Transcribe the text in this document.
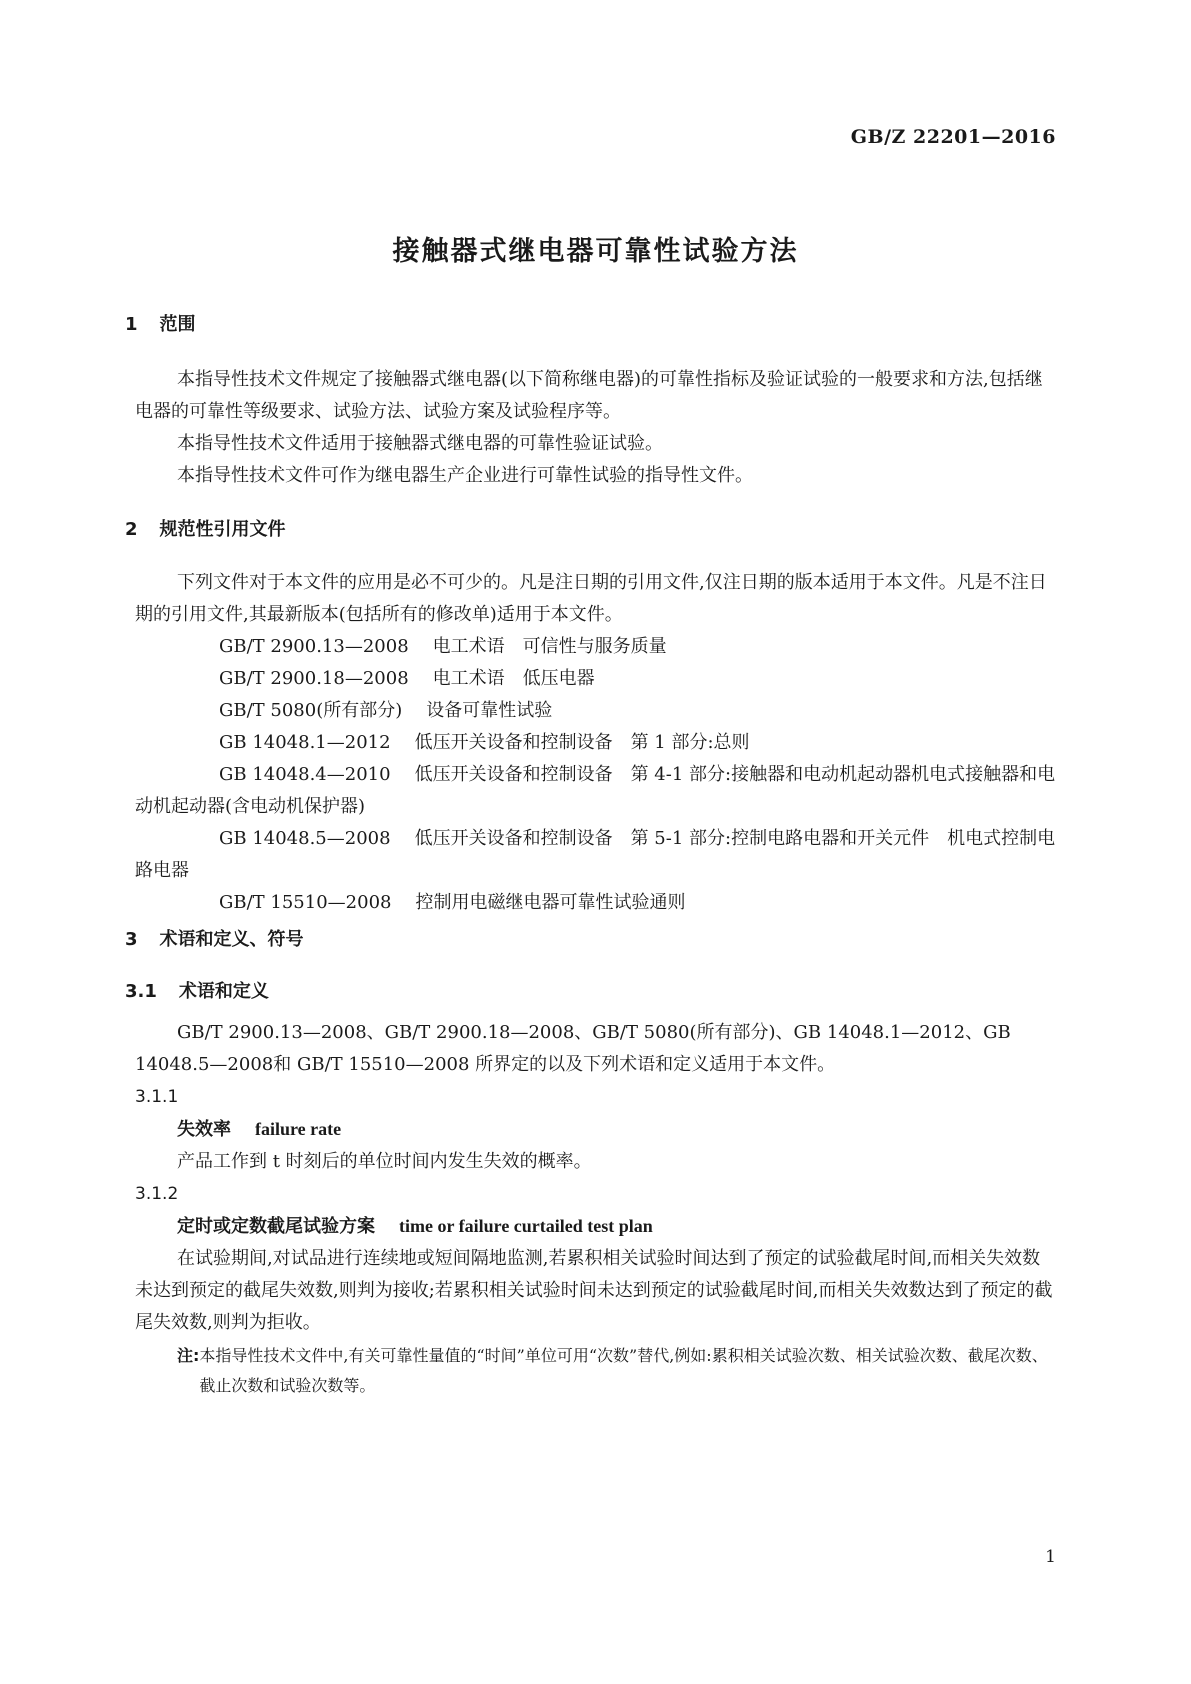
GB/Z 22201—2016
接触器式继电器可靠性试验方法
1 范围

本指导性技术文件规定了接触器式继电器(以下简称继电器)的可靠性指标及验证试验的一般要求和方法,包括继电器的可靠性等级要求、试验方法、试验方案及试验程序等。

本指导性技术文件适用于接触器式继电器的可靠性验证试验。

本指导性技术文件可作为继电器生产企业进行可靠性试验的指导性文件。

2 规范性引用文件

下列文件对于本文件的应用是必不可少的。凡是注日期的引用文件,仅注日期的版本适用于本文件。凡是不注日期的引用文件,其最新版本(包括所有的修改单)适用于本文件。

GB/T 2900.13—2008 电工术语　可信性与服务质量

GB/T 2900.18—2008 电工术语　低压电器

GB/T 5080(所有部分) 设备可靠性试验

GB 14048.1—2012 低压开关设备和控制设备　第 1 部分:总则

GB 14048.4—2010 低压开关设备和控制设备　第 4-1 部分:接触器和电动机起动器机电式接触器和电动机起动器(含电动机保护器)

GB 14048.5—2008 低压开关设备和控制设备　第 5-1 部分:控制电路电器和开关元件　机电式控制电路电器

GB/T 15510—2008 控制用电磁继电器可靠性试验通则

3 术语和定义、符号
3.1 术语和定义

GB/T 2900.13—2008、GB/T 2900.18—2008、GB/T 5080(所有部分)、GB 14048.1—2012、GB 14048.5—2008和 GB/T 15510—2008 所界定的以及下列术语和定义适用于本文件。

3.1.1
失效率 failure rate

产品工作到 t 时刻后的单位时间内发生失效的概率。

3.1.2
定时或定数截尾试验方案 time or failure curtailed test plan

在试验期间,对试品进行连续地或短间隔地监测,若累积相关试验时间达到了预定的试验截尾时间,而相关失效数未达到预定的截尾失效数,则判为接收;若累积相关试验时间未达到预定的试验截尾时间,而相关失效数达到了预定的截尾失效数,则判为拒收。

注: 本指导性技术文件中,有关可靠性量值的“时间”单位可用“次数”替代,例如:累积相关试验次数、相关试验次数、截尾次数、截止次数和试验次数等。
1
